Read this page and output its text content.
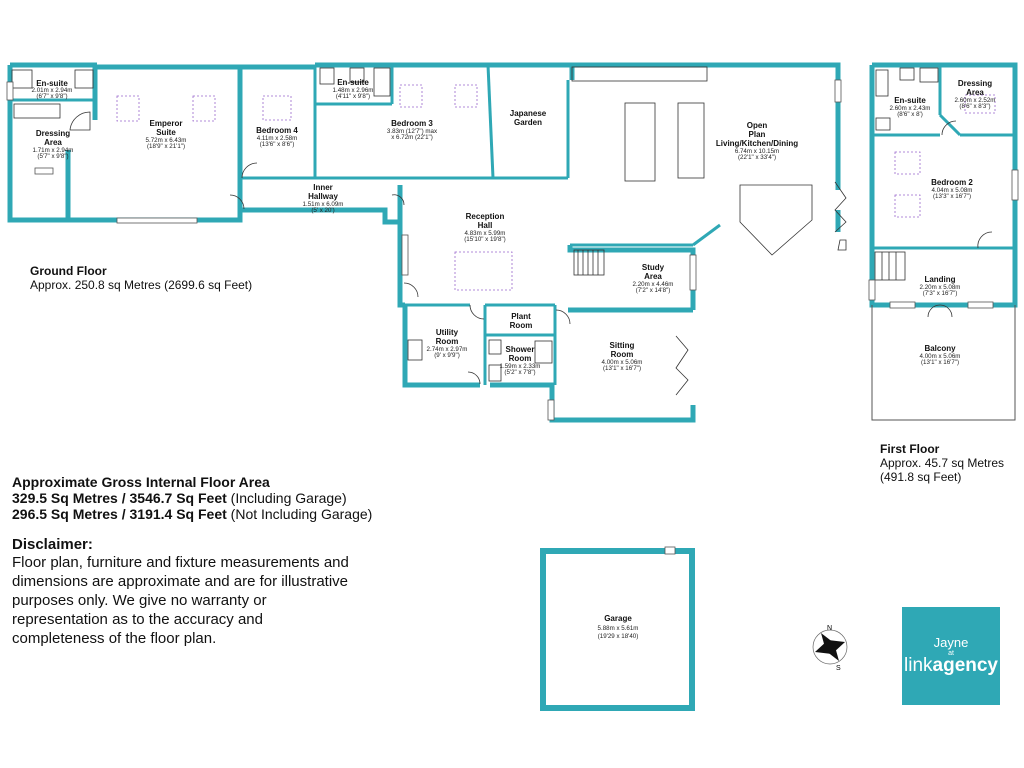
N
S
En-suite
2.01m x 2.94m
(6'7" x 9'8")
Dressing
Area
1.71m x 2.94m
(5'7" x 9'8")
Emperor
Suite
5.72m x 6.43m
(18'9" x 21'1")
Bedroom 4
4.11m x 2.58m
(13'6" x 8'6")
En-suite
1.48m x 2.96m
(4'11" x 9'8")
Bedroom 3
3.83m (12'7") max
x 6.72m (22'1")
Japanese
Garden	Open
Plan
Living/Kitchen/Dining
6.74m x 10.15m
(22'1" x 33'4")
Inner
Hallway
1.51m x 6.09m
(5' x 20')
Reception
Hall
4.83m x 5.99m
(15'10" x 19'8")
Study
Area
2.20m x 4.46m
(7'2" x 14'8")
Plant
Room
Utility
Room
2.74m x 2.97m
(9' x 9'9")
Shower
Room
1.59m x 2.33m
(5'2" x 7'8")
Sitting
Room
4.00m x 5.06m
(13'1" x 16'7")
En-suite
2.60m x 2.43m
(8'6" x 8')
Dressing
Area
2.60m x 2.52m
(8'6" x 8'3")
Bedroom 2
4.04m x 5.08m
(13'3" x 16'7")
Landing
2.20m x 5.08m
(7'3" x 16'7")
Balcony
4.00m x 5.06m
(13'1" x 16'7")
Garage
5.88m x 5.61m
(19'29 x 18'40)
Ground Floor
Approx. 250.8 sq Metres (2699.6 sq Feet)
First Floor
Approx. 45.7 sq Metres
(491.8 sq Feet)
Approximate Gross Internal Floor Area
329.5 Sq Metres / 3546.7 Sq Feet (Including Garage)
296.5 Sq Metres / 3191.4 Sq Feet (Not Including Garage)
Disclaimer:
Floor plan, furniture and fixture measurements and dimensions are approximate and are for illustrative purposes only. We give no warranty or representation as to the accuracy and completeness of the floor plan.	Jayne
at
linkagency
